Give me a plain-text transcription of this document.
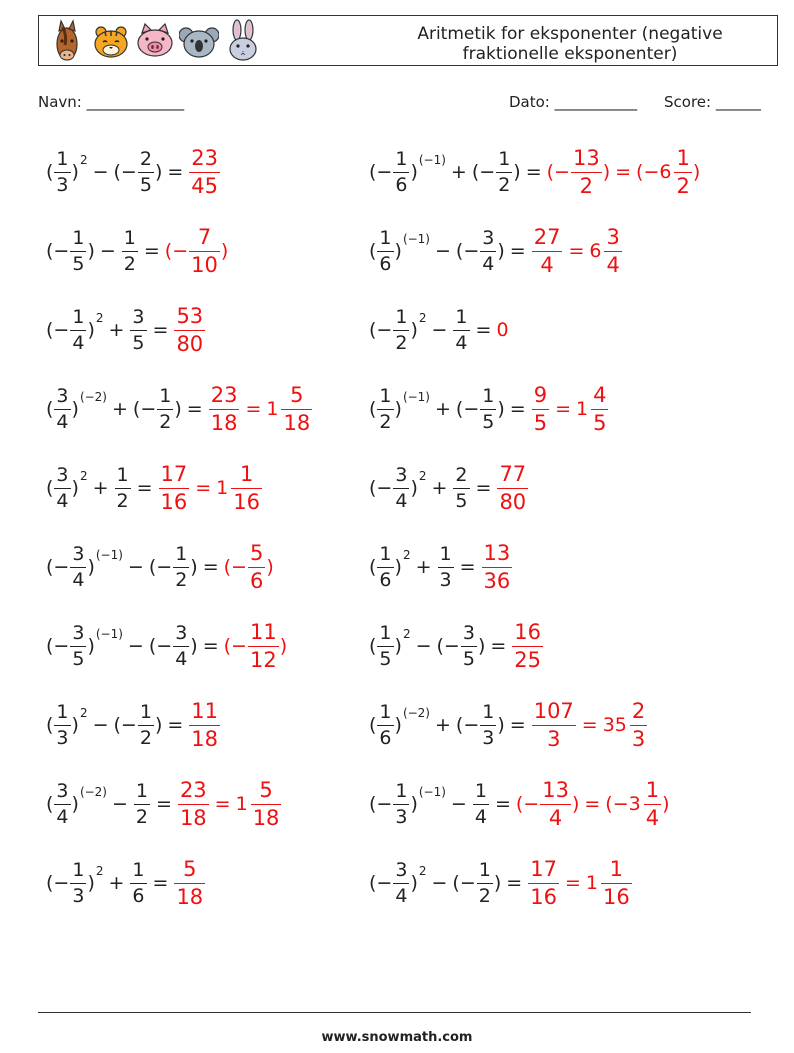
Aritmetik for eksponenter (negative fraktionelle eksponenter)
Navn: _____________	Dato: ___________ Score: ______
( $\frac{1}{3}$ )
2
− (− $\frac{2}{5}$ ) = $\frac{23}{45}$	(− $\frac{1}{6}$ )
(−1)
+ (− $\frac{1}{2}$ ) = (− $\frac{13}{2}$ ) = (− $6 \frac{1}{2}$ )
(− $\frac{1}{5}$ ) − $\frac{1}{2}$ = (− $\frac{7}{10}$ )	( $\frac{1}{6}$ )
(−1)
− (− $\frac{3}{4}$ ) = $\frac{27}{4} = 6 \frac{3}{4}$
(− $\frac{1}{4}$ )
2
+ $\frac{3}{5} = \frac{53}{80}$	(− $\frac{1}{2}$ )
2
− $\frac{1}{4} = 0$
( $\frac{3}{4}$ )
(−2)
+ (− $\frac{1}{2}$ ) = $\frac{23}{18} = 1 \frac{5}{18}$	( $\frac{1}{2}$ )
(−1)
+ (− $\frac{1}{5}$ ) = $\frac{9}{5} = 1 \frac{4}{5}$
( $\frac{3}{4}$ )
2
+ $\frac{1}{2} = \frac{17}{16} = 1 \frac{1}{16}$	(− $\frac{3}{4}$ )
2
+ $\frac{2}{5} = \frac{77}{80}$
(− $\frac{3}{4}$ )
(−1)
− (− $\frac{1}{2}$ ) = (− $\frac{5}{6}$ )	( $\frac{1}{6}$ )
2
+ $\frac{1}{3} = \frac{13}{36}$
(− $\frac{3}{5}$ )
(−1)
− (− $\frac{3}{4}$ ) = (− $\frac{11}{12}$ )	( $\frac{1}{5}$ )
2
− (− $\frac{3}{5}$ ) = $\frac{16}{25}$
( $\frac{1}{3}$ )
2
− (− $\frac{1}{2}$ ) = $\frac{11}{18}$	( $\frac{1}{6}$ )
(−2)
+ (− $\frac{1}{3}$ ) = $\frac{107}{3} = 35 \frac{2}{3}$
( $\frac{3}{4}$ )
(−2)
− $\frac{1}{2} = \frac{23}{18} = 1 \frac{5}{18}$	(− $\frac{1}{3}$ )
(−1)
− $\frac{1}{4}$ = (− $\frac{13}{4}$ ) = (− $3 \frac{1}{4}$ )
(− $\frac{1}{3}$ )
2
+ $\frac{1}{6} = \frac{5}{18}$	(− $\frac{3}{4}$ )
2
− (− $\frac{1}{2}$ ) = $\frac{17}{16} = 1 \frac{1}{16}$
www.snowmath.com
